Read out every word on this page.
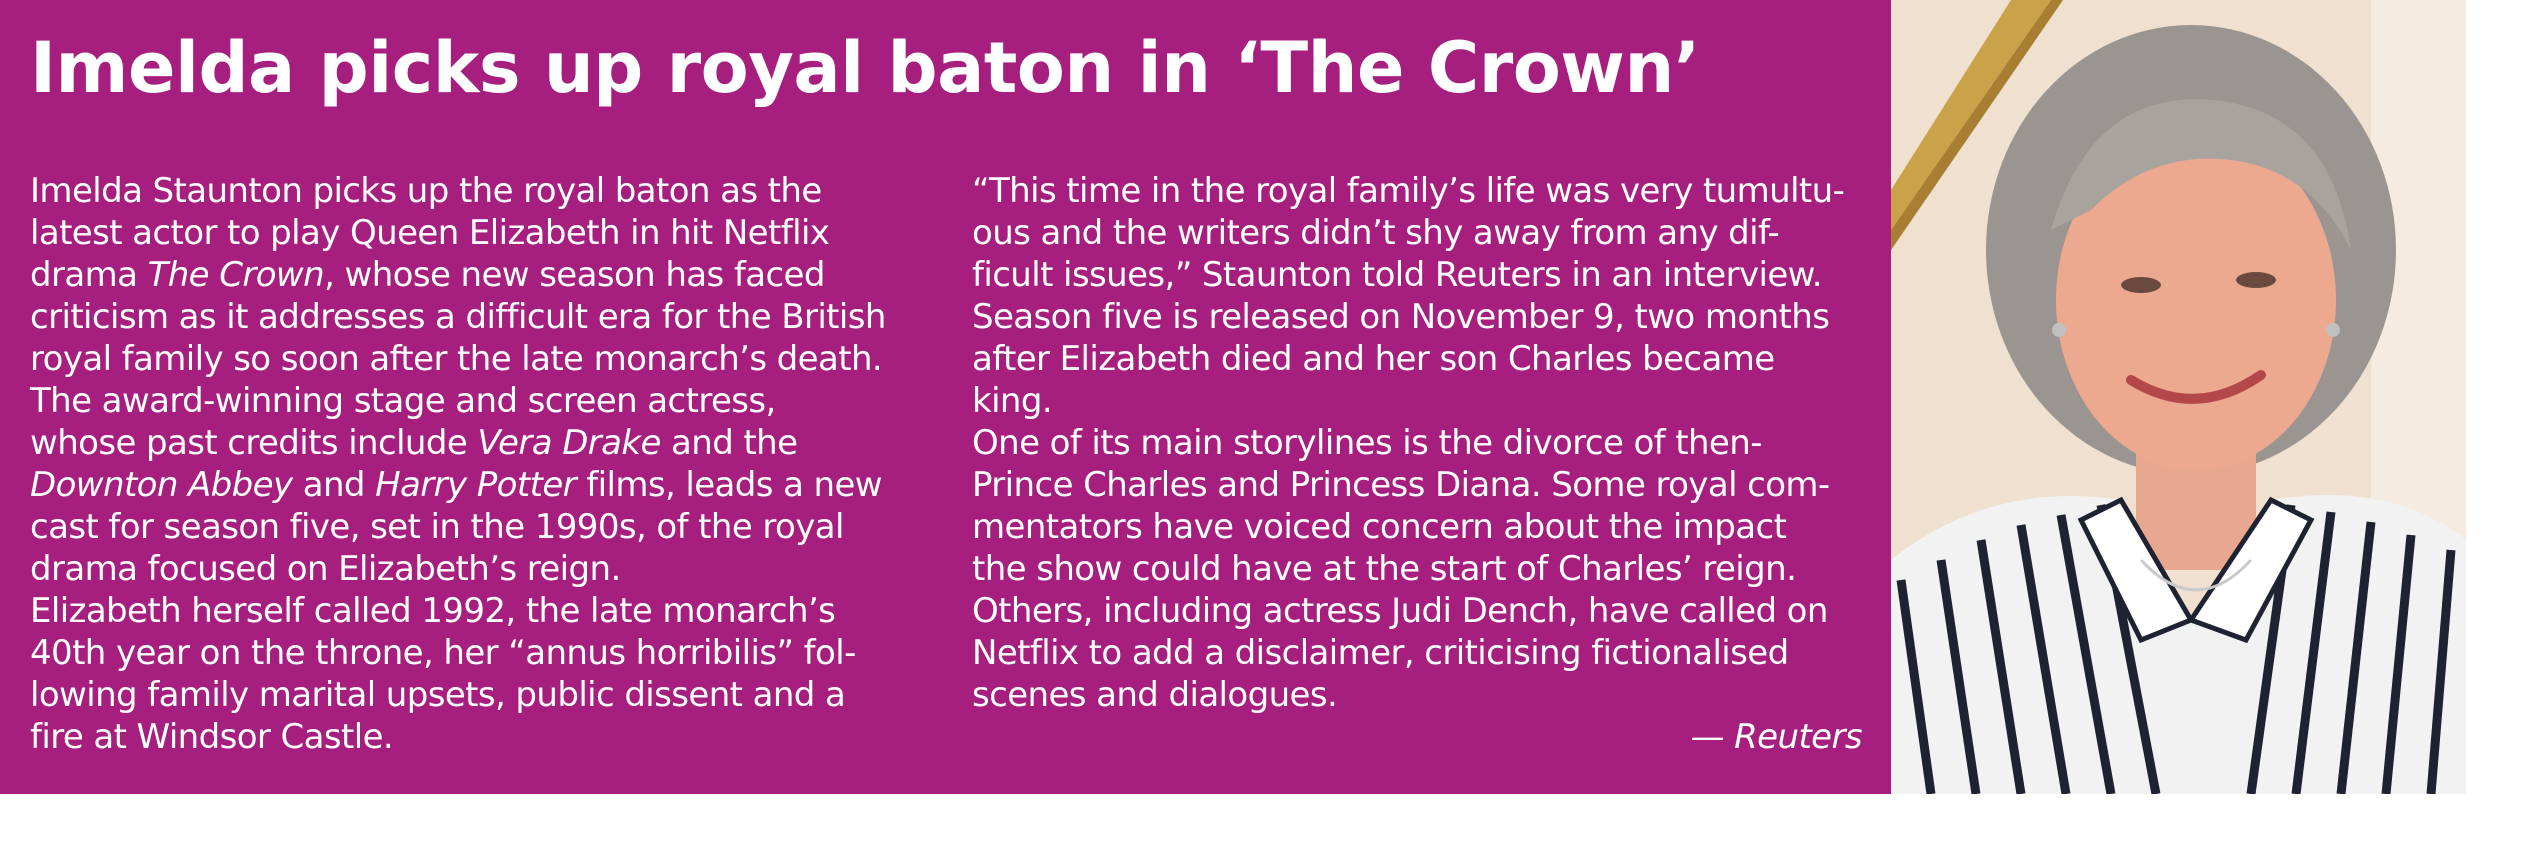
Imelda picks up royal baton in ‘The Crown’
Imelda Staunton picks up the royal baton as the
latest actor to play Queen Elizabeth in hit Netflix
drama The Crown, whose new season has faced
criticism as it addresses a difficult era for the British
royal family so soon after the late monarch’s death.
The award-winning stage and screen actress,
whose past credits include Vera Drake and the
Downton Abbey and Harry Potter films, leads a new
cast for season five, set in the 1990s, of the royal
drama focused on Elizabeth’s reign.
Elizabeth herself called 1992, the late monarch’s
40th year on the throne, her “annus horribilis” fol-
lowing family marital upsets, public dissent and a
fire at Windsor Castle.
“This time in the royal family’s life was very tumultu-
ous and the writers didn’t shy away from any dif-
ficult issues,” Staunton told Reuters in an interview.
Season five is released on November 9, two months
after Elizabeth died and her son Charles became
king.
One of its main storylines is the divorce of then-
Prince Charles and Princess Diana. Some royal com-
mentators have voiced concern about the impact
the show could have at the start of Charles’ reign.
Others, including actress Judi Dench, have called on
Netflix to add a disclaimer, criticising fictionalised
scenes and dialogues.
— Reuters
